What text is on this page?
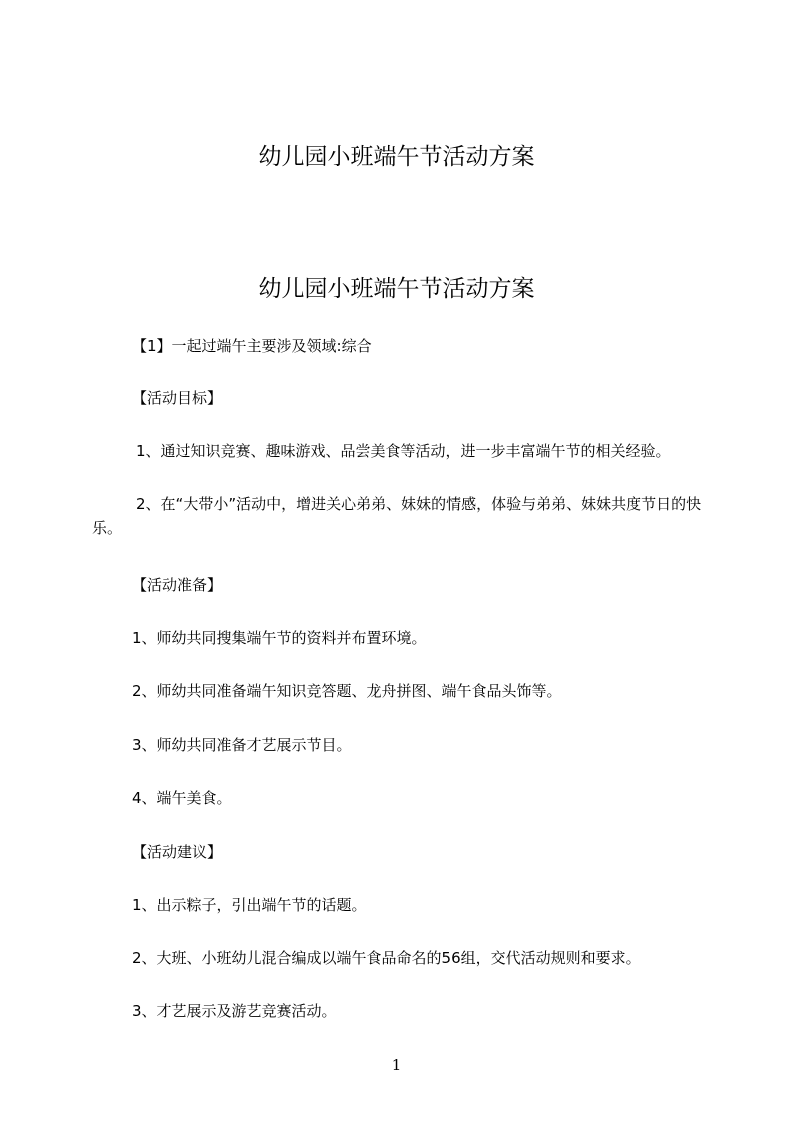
幼儿园小班端午节活动方案
幼儿园小班端午节活动方案

【1】一起过端午主要涉及领域:综合

【活动目标】

1、通过知识竞赛、趣味游戏、品尝美食等活动，进一步丰富端午节的相关经验。

2、在“大带小”活动中，增进关心弟弟、妹妹的情感，体验与弟弟、妹妹共度节日的快乐。

【活动准备】

1、师幼共同搜集端午节的资料并布置环境。

2、师幼共同准备端午知识竞答题、龙舟拼图、端午食品头饰等。

3、师幼共同准备才艺展示节目。

4、端午美食。

【活动建议】

1、出示粽子，引出端午节的话题。

2、大班、小班幼儿混合编成以端午食品命名的56组，交代活动规则和要求。

3、才艺展示及游艺竞赛活动。

1
